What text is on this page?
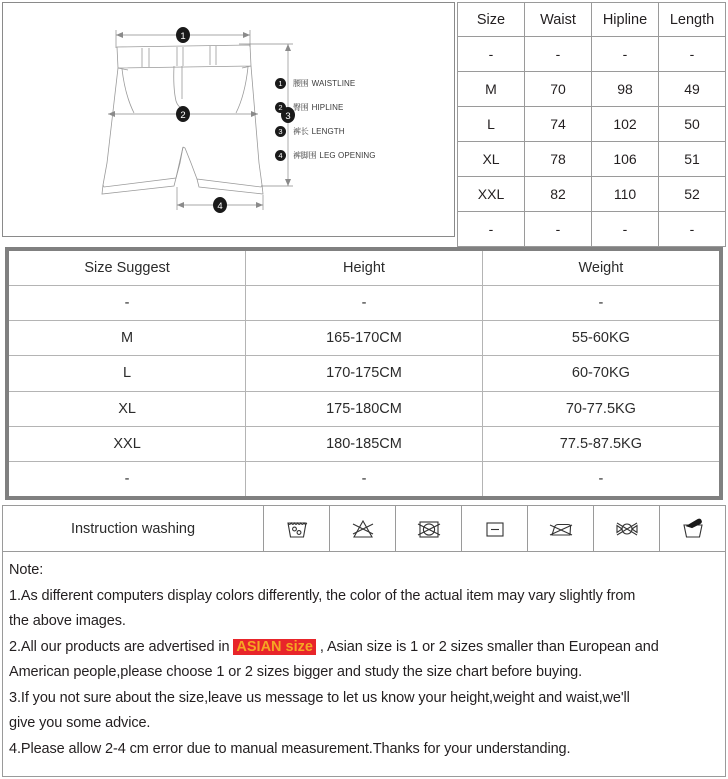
1
2	3
4
1	腰围 WAISTLINE
2	臀围 HIPLINE
3	裤长 LENGTH
4	裤脚围 LEG OPENING
Size	Waist	Hipline	Length
-	-	-	-
M	70	98	49
L	74	102	50
XL	78	106	51
XXL	82	110	52
-	-	-	-
Size Suggest	Height	Weight
-	-	-
M	165-170CM	55-60KG
L	170-175CM	60-70KG
XL	175-180CM	70-77.5KG
XXL	180-185CM	77.5-87.5KG
-	-	-
Instruction washing	

Note:
1.As different computers display colors differently, the color of the actual item may vary slightly from
the above images.
2.All our products are advertised in ASIAN size , Asian size is 1 or 2 sizes smaller than European and
American people,please choose 1 or 2 sizes bigger and study the size chart before buying.
3.If you not sure about the size,leave us message to let us know your height,weight and waist,we'll
give you some advice.
4.Please allow 2-4 cm error due to manual measurement.Thanks for your understanding.
